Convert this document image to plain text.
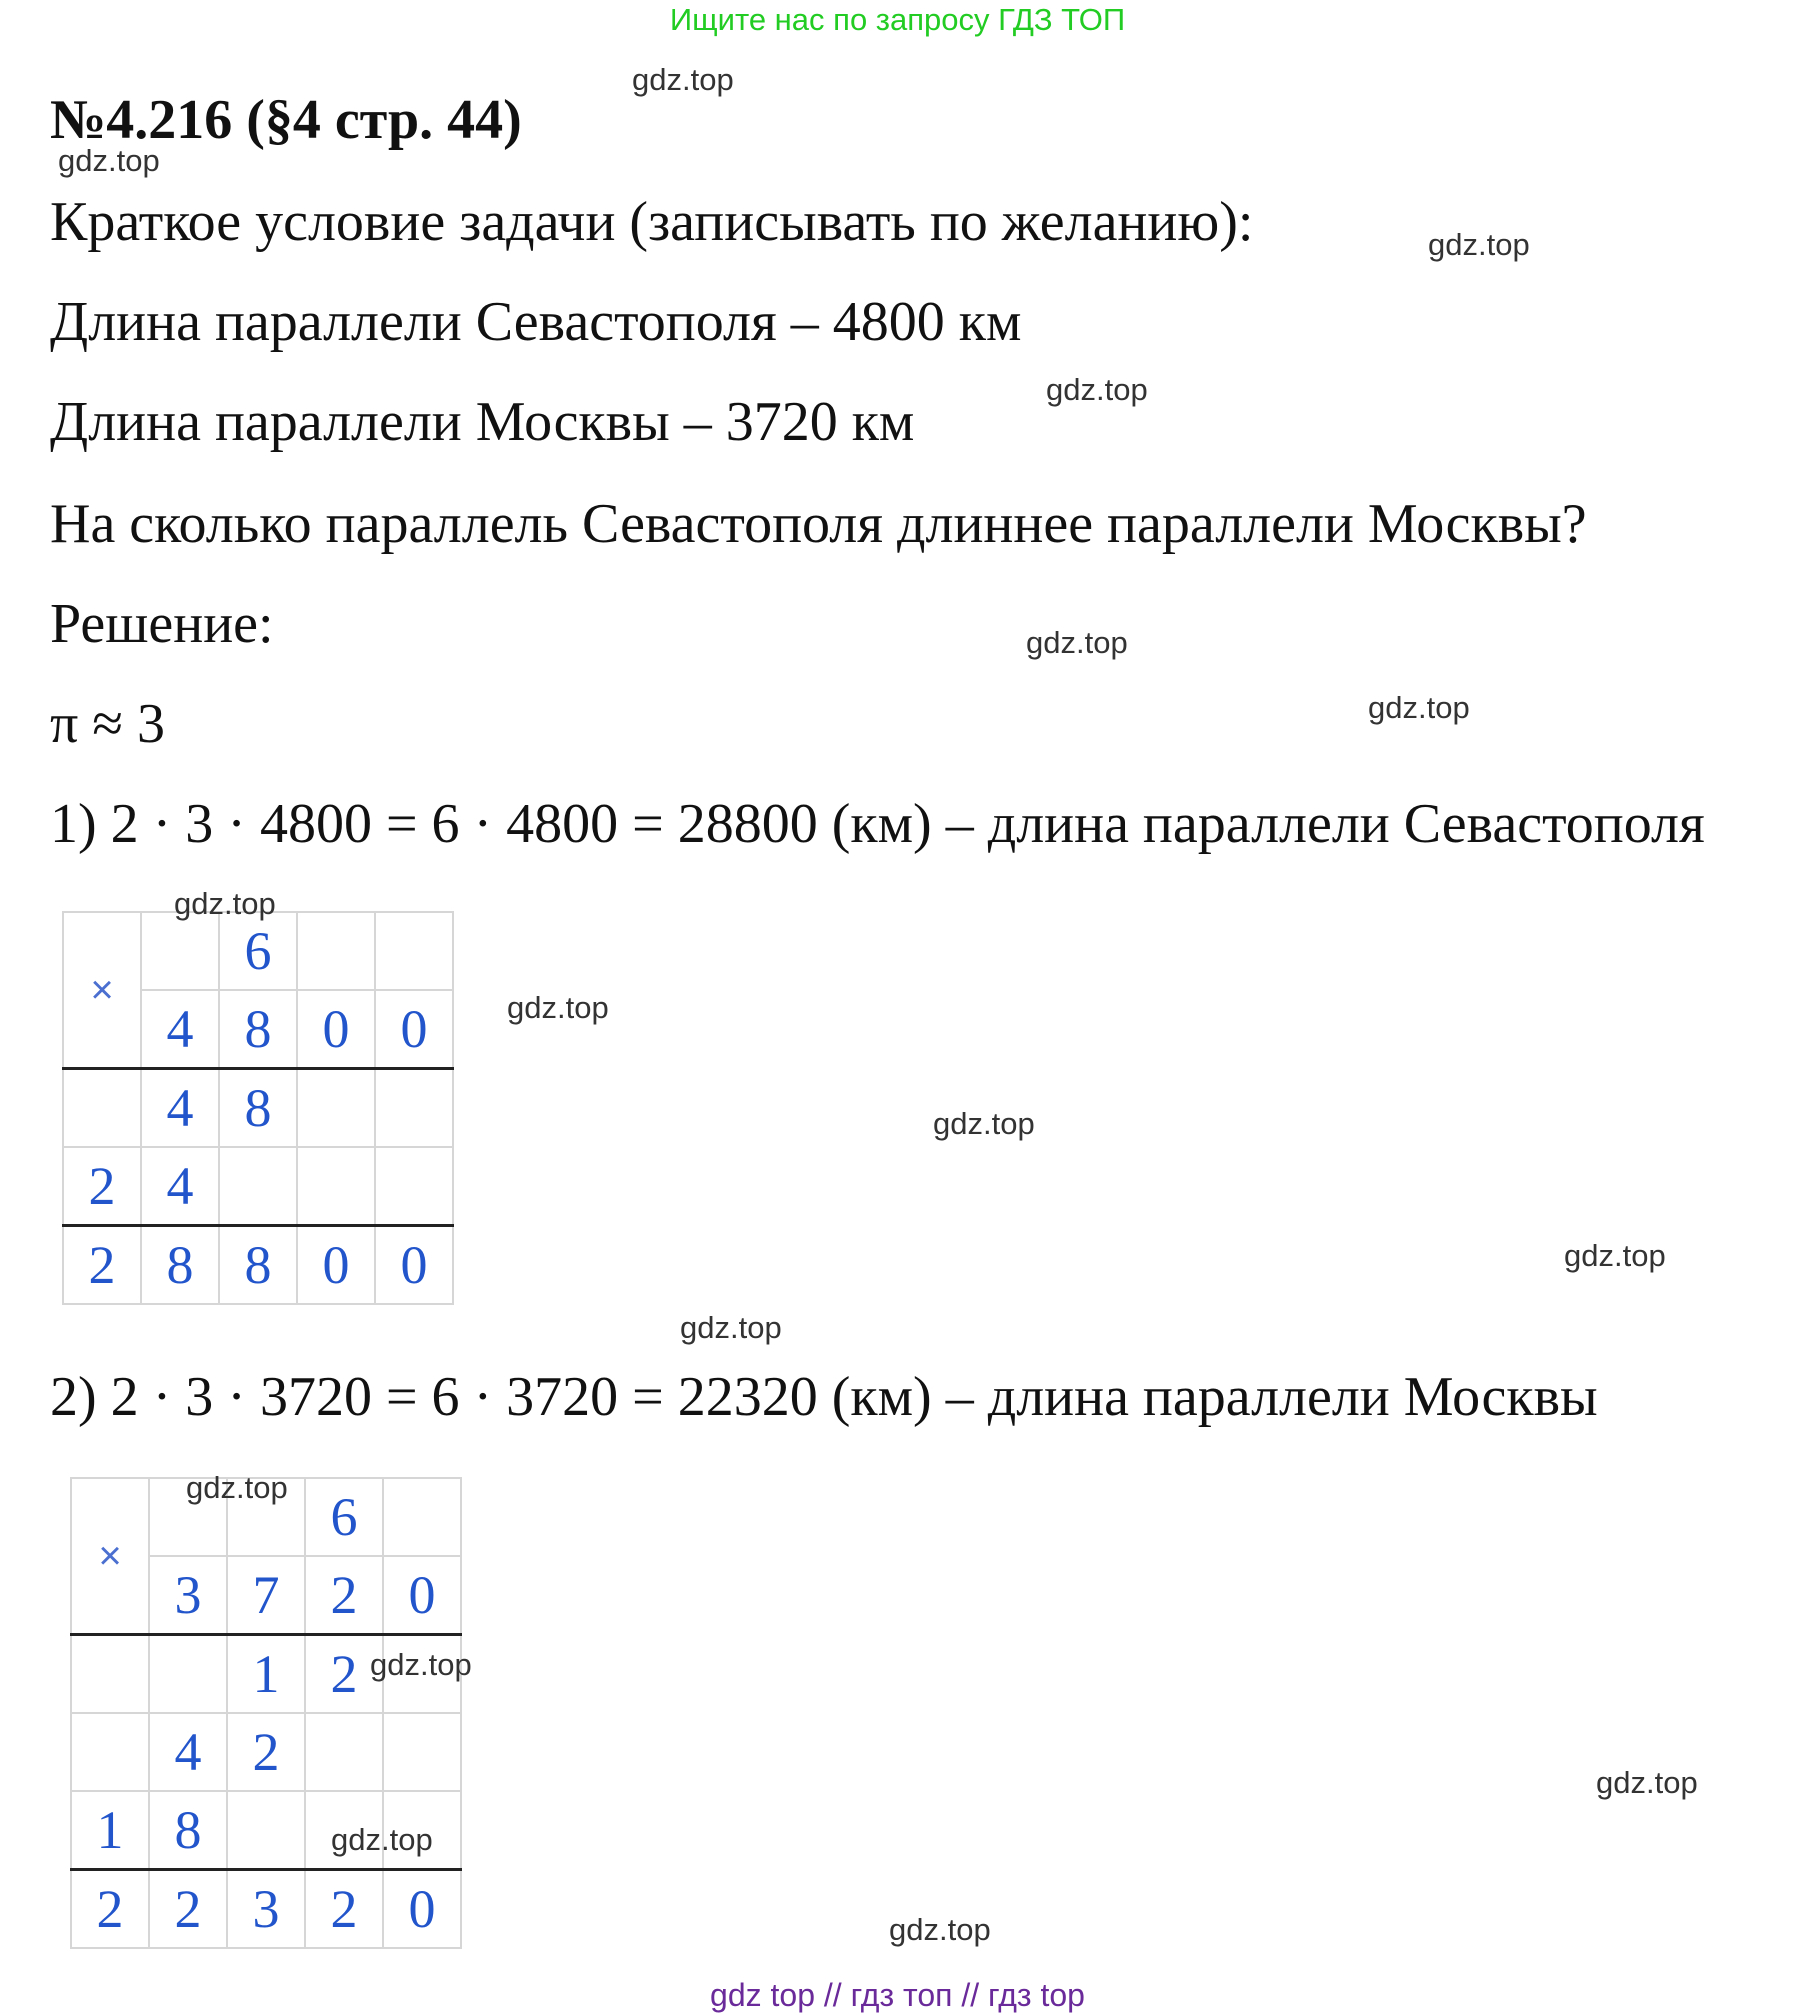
Ищите нас по запросу ГДЗ ТОП
№4.216 (§4 стр. 44)
Краткое условие задачи (записывать по желанию):
Длина параллели Севастополя – 4800 км
Длина параллели Москвы – 3720 км
На сколько параллель Севастополя длиннее параллели Москвы?
Решение:
π ≈ 3
1) 2 · 3 · 4800 = 6 · 4800 = 28800 (км) – длина параллели Севастополя
×		6		
	4	8	0	0
	4	8		
2	4			
2	8	8	0	0
2) 2 · 3 · 3720 = 6 · 3720 = 22320 (км) – длина параллели Москвы
×			6	
	3	7	2	0
		1	2	
	4	2		
1	8			
2	2	3	2	0
gdz.top
gdz.top
gdz.top
gdz.top
gdz.top
gdz.top
gdz.top
gdz.top
gdz.top
gdz.top
gdz.top
gdz.top
gdz.top
gdz.top
gdz.top
gdz.top
gdz top // гдз топ // гдз top
